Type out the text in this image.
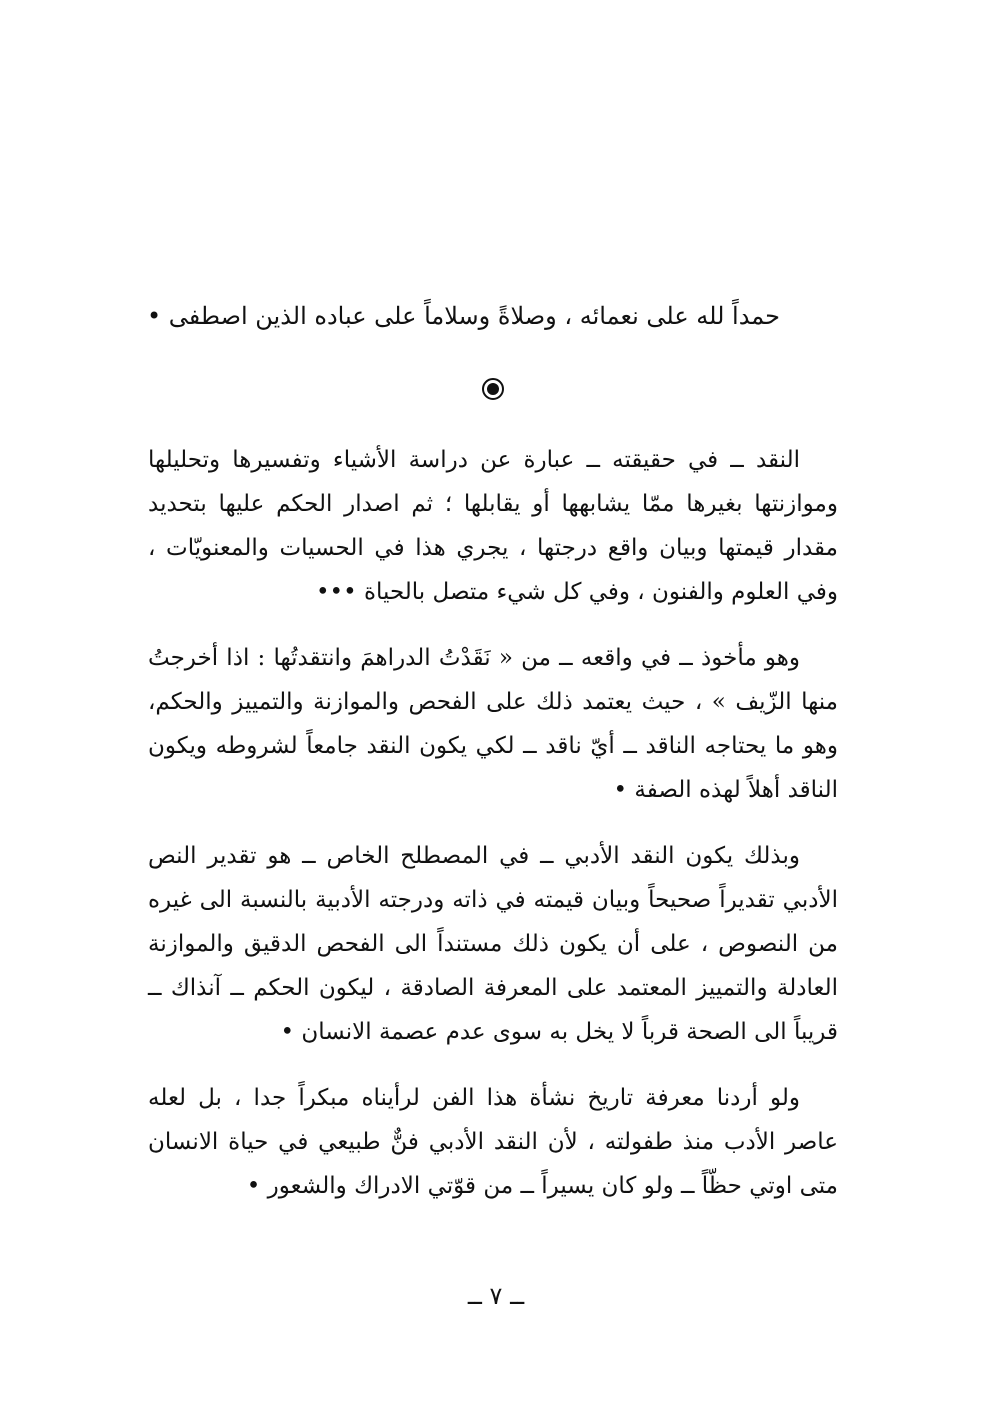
حمداً لله على نعمائه ، وصلاةً وسلاماً على عباده الذين اصطفى •

النقد ــ في حقيقته ــ عبارة عن دراسة الأشياء وتفسيرها وتحليلها وموازنتها بغيرها ممّا يشابهها أو يقابلها ؛ ثم اصدار الحكم عليها بتحديد مقدار قيمتها وبيان واقع درجتها ، يجري هذا في الحسيات والمعنويّات ، وفي العلوم والفنون ، وفي كل شيء متصل بالحياة •••

وهو مأخوذ ــ في واقعه ــ من « نَقَدْتُ الدراهمَ وانتقدتُها : اذا أخرجتُ منها الزّيف » ، حيث يعتمد ذلك على الفحص والموازنة والتمييز والحكم، وهو ما يحتاجه الناقد ــ أيّ ناقد ــ لكي يكون النقد جامعاً لشروطه ويكون الناقد أهلاً لهذه الصفة •

وبذلك يكون النقد الأدبي ــ في المصطلح الخاص ــ هو تقدير النص الأدبي تقديراً صحيحاً وبيان قيمته في ذاته ودرجته الأدبية بالنسبة الى غيره من النصوص ، على أن يكون ذلك مستنداً الى الفحص الدقيق والموازنة العادلة والتمييز المعتمد على المعرفة الصادقة ، ليكون الحكم ــ آنذاك ــ قريباً الى الصحة قرباً لا يخل به سوى عدم عصمة الانسان •

ولو أردنا معرفة تاريخ نشأة هذا الفن لرأيناه مبكراً جدا ، بل لعله عاصر الأدب منذ طفولته ، لأن النقد الأدبي فنٌّ طبيعي في حياة الانسان متى اوتي حظّاً ــ ولو كان يسيراً ــ من قوّتي الادراك والشعور •

ــ ٧ ــ
